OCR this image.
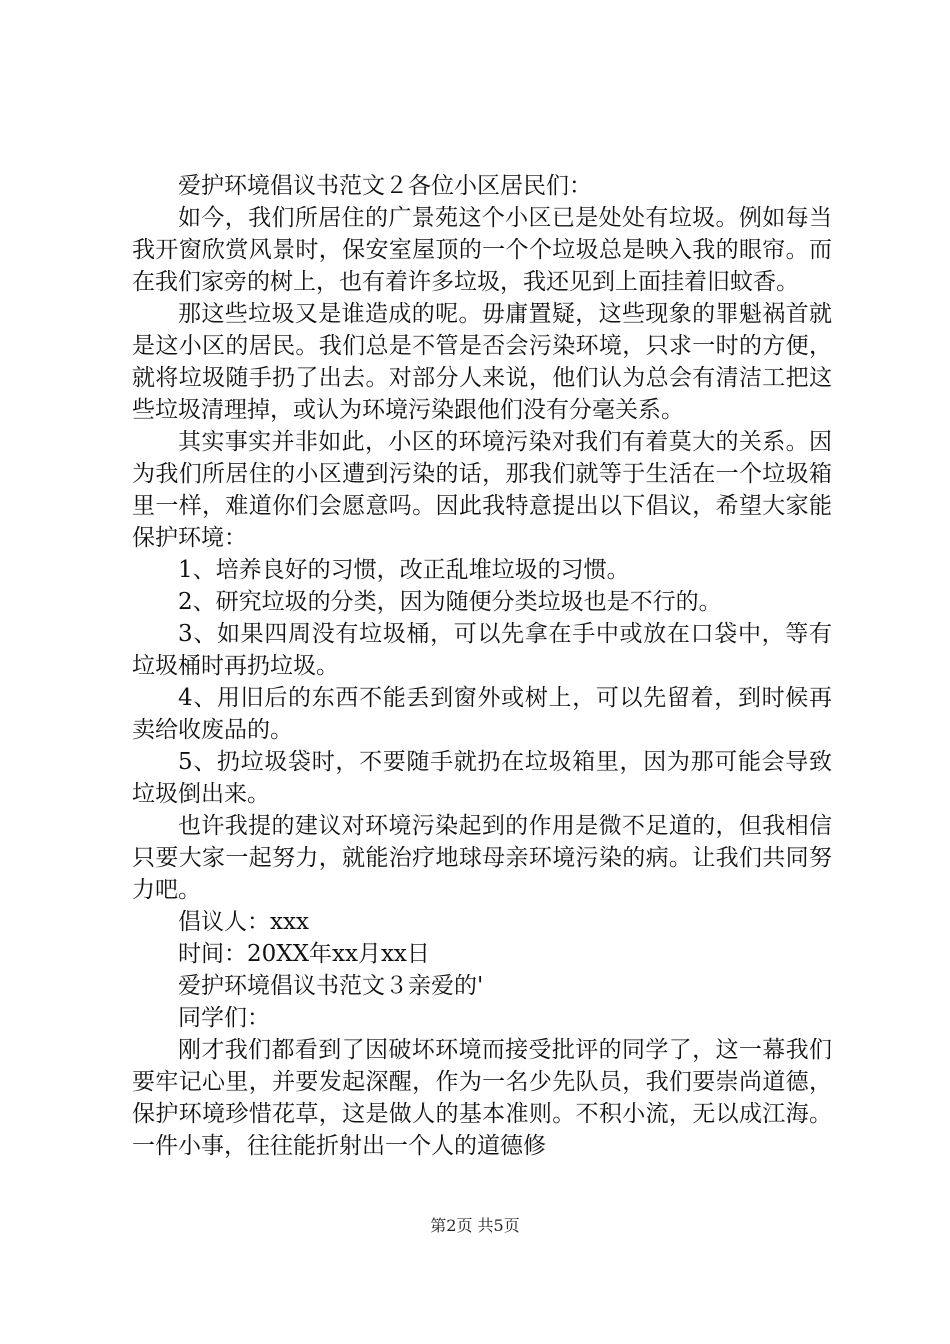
爱护环境倡议书范文２各位小区居民们：

如今，我们所居住的广景苑这个小区已是处处有垃圾。例如每当我开窗欣赏风景时，保安室屋顶的一个个垃圾总是映入我的眼帘。而在我们家旁的树上，也有着许多垃圾，我还见到上面挂着旧蚊香。

那这些垃圾又是谁造成的呢。毋庸置疑，这些现象的罪魁祸首就是这小区的居民。我们总是不管是否会污染环境，只求一时的方便，就将垃圾随手扔了出去。对部分人来说，他们认为总会有清洁工把这些垃圾清理掉，或认为环境污染跟他们没有分毫关系。

其实事实并非如此，小区的环境污染对我们有着莫大的关系。因为我们所居住的小区遭到污染的话，那我们就等于生活在一个垃圾箱里一样，难道你们会愿意吗。因此我特意提出以下倡议，希望大家能保护环境：

1、培养良好的习惯，改正乱堆垃圾的习惯。

2、研究垃圾的分类，因为随便分类垃圾也是不行的。

3、如果四周没有垃圾桶，可以先拿在手中或放在口袋中，等有垃圾桶时再扔垃圾。

4、用旧后的东西不能丢到窗外或树上，可以先留着，到时候再卖给收废品的。

5、扔垃圾袋时，不要随手就扔在垃圾箱里，因为那可能会导致垃圾倒出来。

也许我提的建议对环境污染起到的作用是微不足道的，但我相信只要大家一起努力，就能治疗地球母亲环境污染的病。让我们共同努力吧。

倡议人：xxx

时间：20XX年xx月xx日

爱护环境倡议书范文３亲爱的'

同学们：

刚才我们都看到了因破坏环境而接受批评的同学了，这一幕我们要牢记心里，并要发起深醒，作为一名少先队员，我们要崇尚道德，保护环境珍惜花草，这是做人的基本准则。不积小流，无以成江海。一件小事，往往能折射出一个人的道德修

第2页 共5页
